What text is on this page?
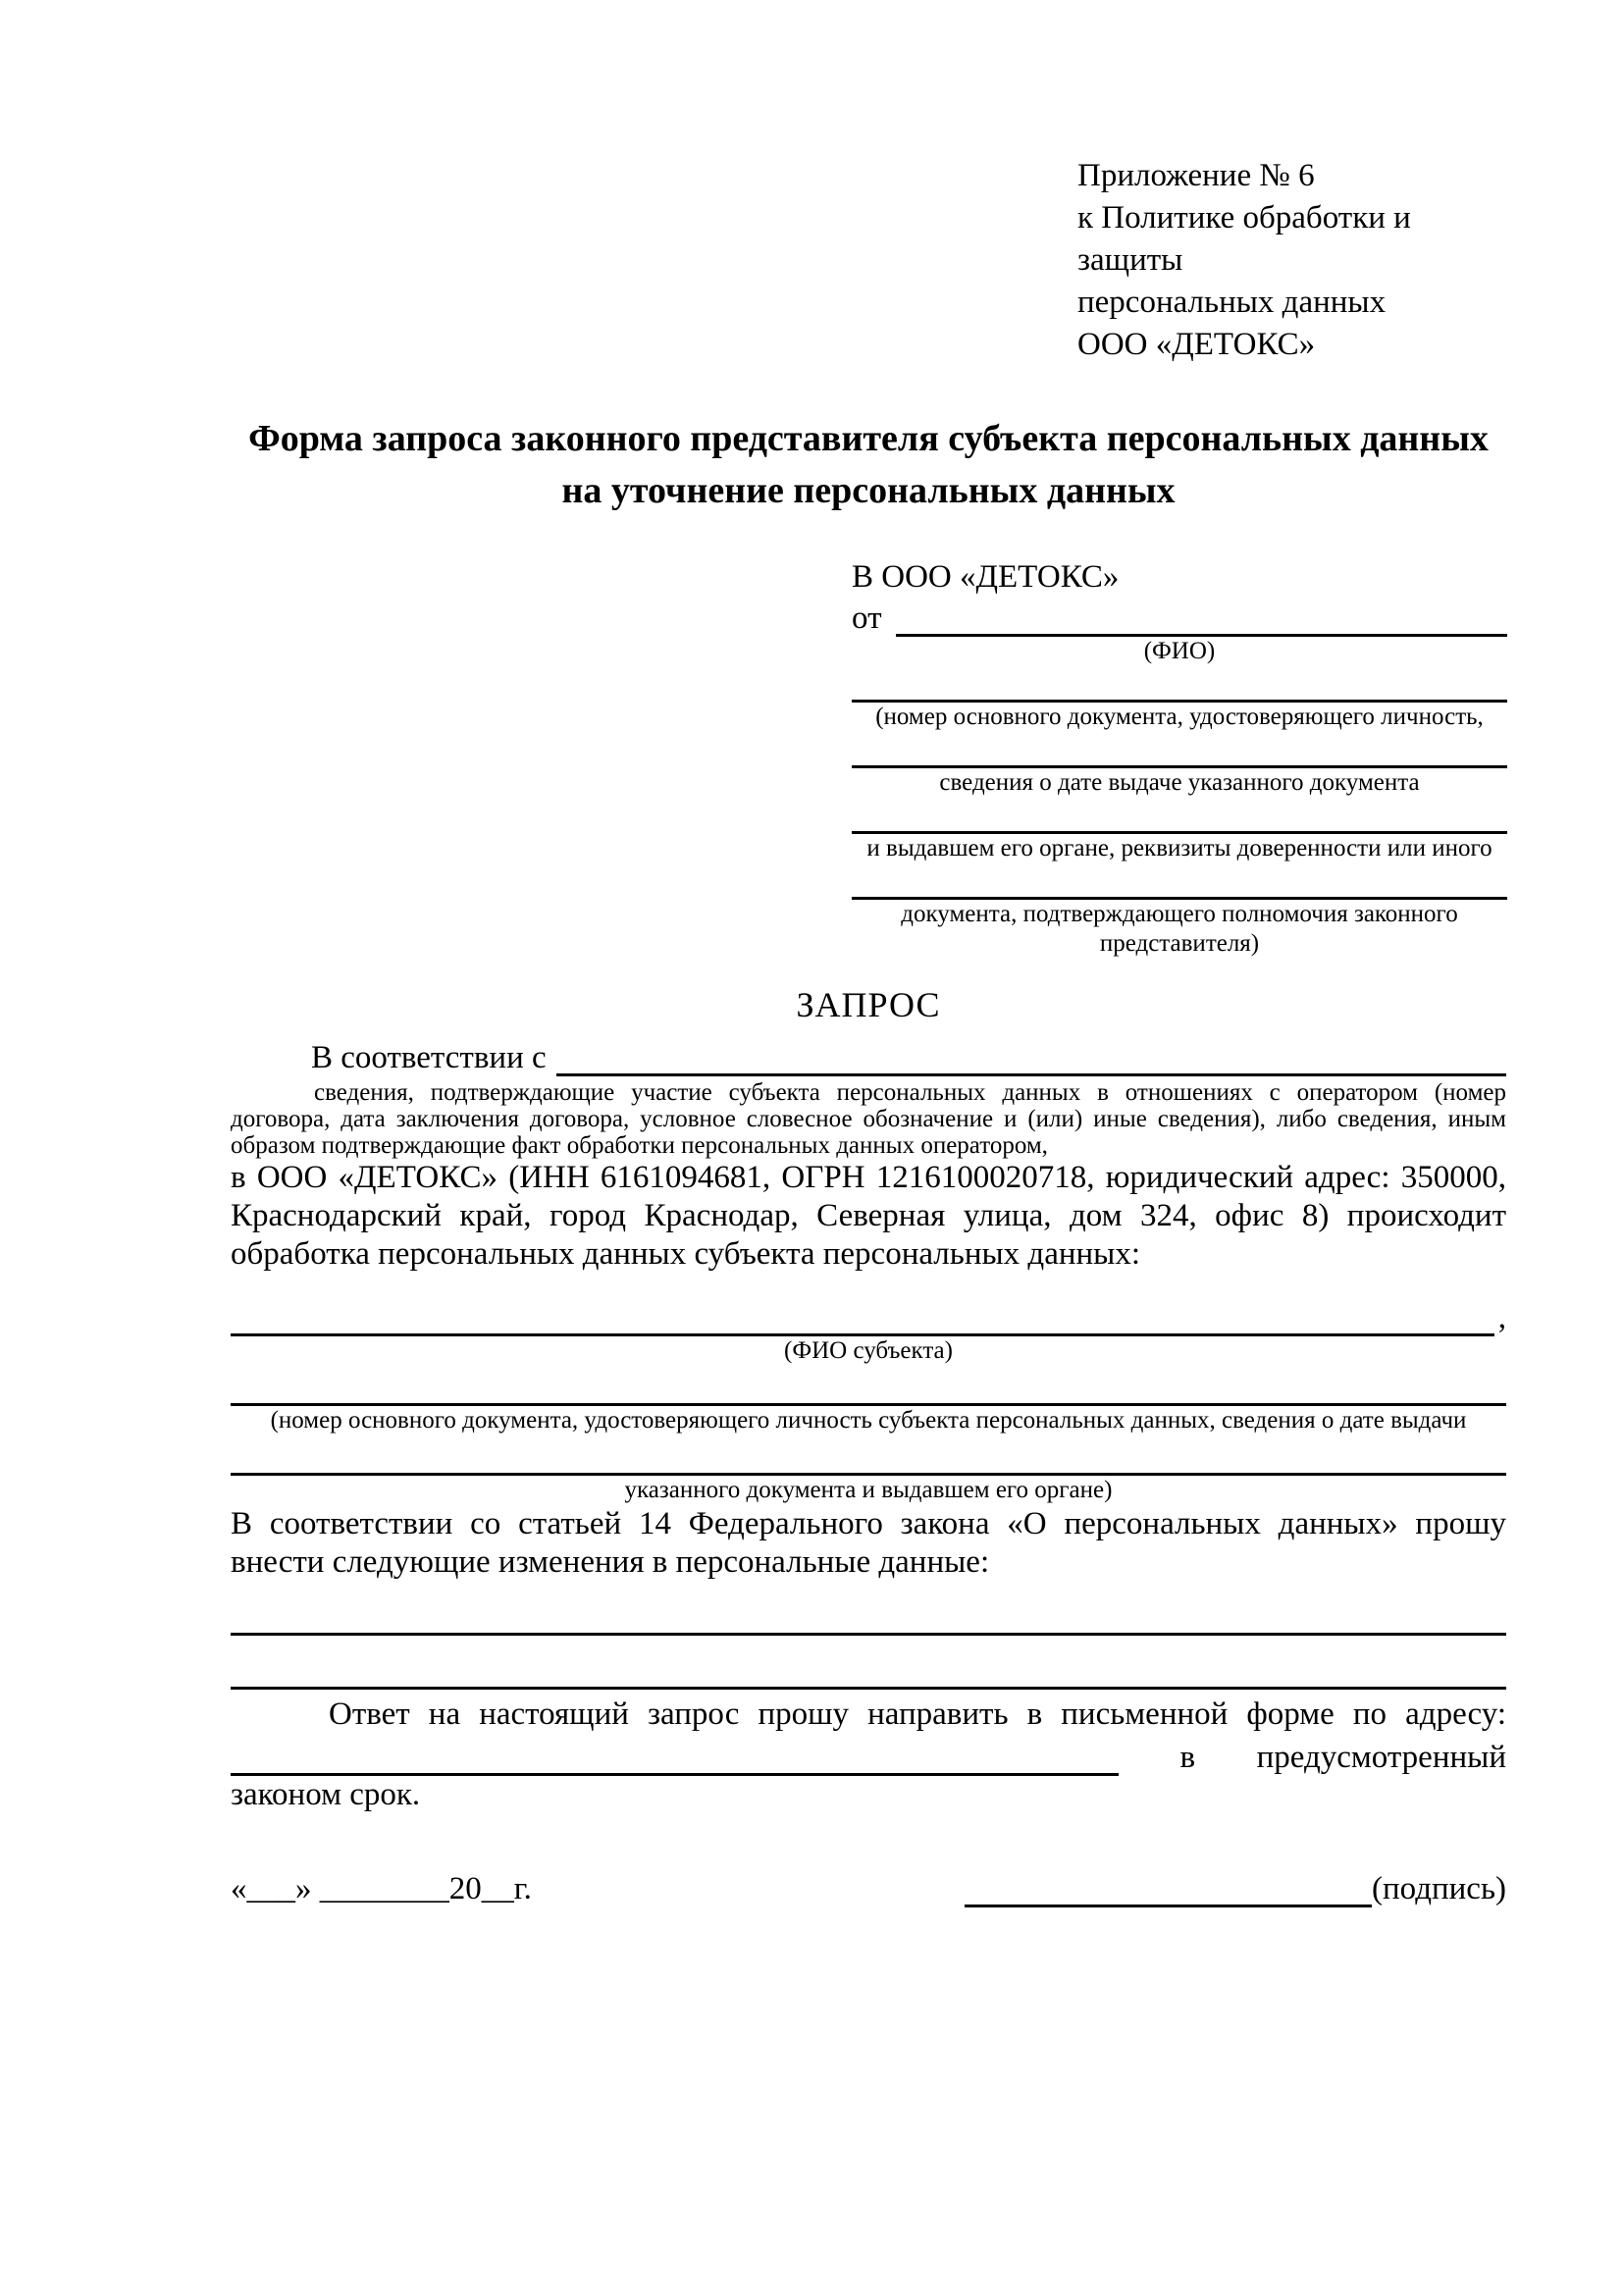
Приложение № 6
к Политике обработки и защиты
персональных данных
ООО «ДЕТОКС»
Форма запроса законного представителя субъекта персональных данных
на уточнение персональных данных
В ООО «ДЕТОКС»
от
(ФИО)
(номер основного документа, удостоверяющего личность,
сведения о дате выдаче указанного документа
и выдавшем его органе, реквизиты доверенности или иного
документа, подтверждающего полномочия законного представителя)
ЗАПРОС
В соответствии с
сведения, подтверждающие участие субъекта персональных данных в отношениях с оператором (номер договора, дата заключения договора, условное словесное обозначение и (или) иные сведения), либо сведения, иным образом подтверждающие факт обработки персональных данных оператором,

в ООО «ДЕТОКС» (ИНН 6161094681, ОГРН 1216100020718, юридический адрес: 350000, Краснодарский край, город Краснодар, Северная улица, дом 324, офис 8) происходит обработка персональных данных субъекта персональных данных:

,
(ФИО субъекта)
(номер основного документа, удостоверяющего личность субъекта персональных данных, сведения о дате выдачи
указанного документа и выдавшем его органе)

В соответствии со статьей 14 Федерального закона «О персональных данных» прошу внести следующие изменения в персональные данные:

Ответ на настоящий запрос прошу направить в письменной форме по адресу:
в предусмотренный
законом срок.
«___» ________20__г.	(подпись)
